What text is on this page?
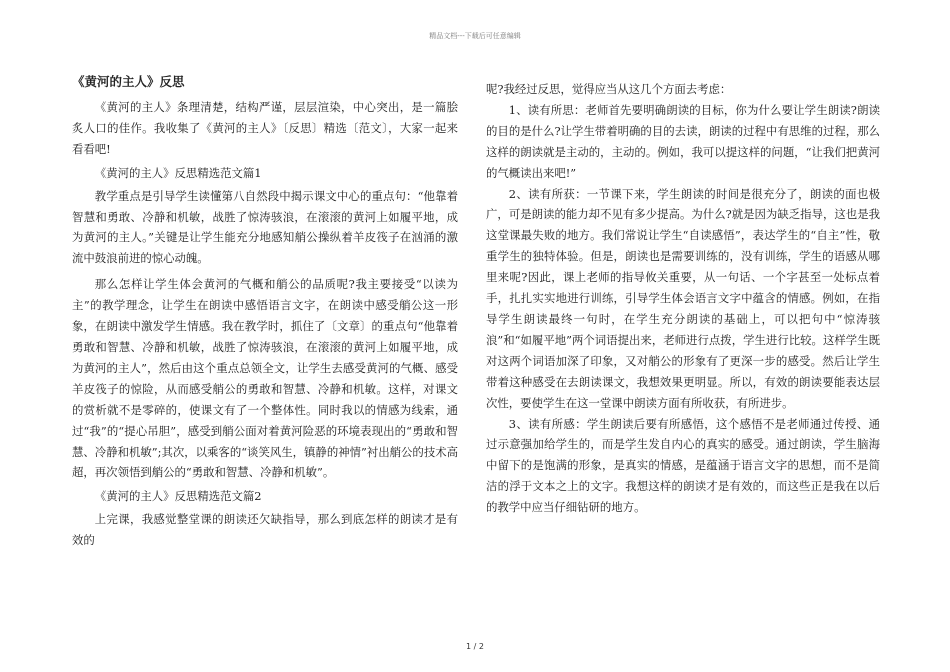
精品文档---下载后可任意编辑
《黄河的主人》反思

《黄河的主人》条理清楚，结构严谨，层层渲染，中心突出，是一篇脍炙人口的佳作。我收集了《黄河的主人》〔反思〕精选〔范文〕，大家一起来看看吧!

《黄河的主人》反思精选范文篇1

教学重点是引导学生读懂第八自然段中揭示课文中心的重点句：“他靠着智慧和勇敢、冷静和机敏，战胜了惊涛骇浪，在滚滚的黄河上如履平地，成为黄河的主人。”关键是让学生能充分地感知艄公操纵着羊皮筏子在汹涌的激流中鼓浪前进的惊心动魄。

那么怎样让学生体会黄河的气概和艄公的品质呢?我主要接受“以读为主”的教学理念，让学生在朗读中感悟语言文字，在朗读中感受艄公这一形象，在朗读中激发学生情感。我在教学时，抓住了〔文章〕的重点句“他靠着勇敢和智慧、冷静和机敏，战胜了惊涛骇浪，在滚滚的黄河上如履平地，成为黄河的主人”，然后由这个重点总领全文，让学生去感受黄河的气概、感受羊皮筏子的惊险，从而感受艄公的勇敢和智慧、冷静和机敏。这样，对课文的赏析就不是零碎的，使课文有了一个整体性。同时我以的情感为线索，通过“我”的“提心吊胆”，感受到艄公面对着黄河险恶的环境表现出的“勇敢和智慧、冷静和机敏”;其次，以乘客的“谈笑风生，镇静的神情”衬出艄公的技术高超，再次领悟到艄公的“勇敢和智慧、冷静和机敏”。

《黄河的主人》反思精选范文篇2

上完课，我感觉整堂课的朗读还欠缺指导，那么到底怎样的朗读才是有效的

呢?我经过反思，觉得应当从这几个方面去考虑：

1、读有所思：老师首先要明确朗读的目标，你为什么要让学生朗读?朗读的目的是什么?让学生带着明确的目的去读，朗读的过程中有思维的过程，那么这样的朗读就是主动的，主动的。例如，我可以提这样的问题，“让我们把黄河的气概读出来吧!”

2、读有所获：一节课下来，学生朗读的时间是很充分了，朗读的面也极广，可是朗读的能力却不见有多少提高。为什么?就是因为缺乏指导，这也是我这堂课最失败的地方。我们常说让学生“自读感悟”，表达学生的“自主”性，敬重学生的独特体验。但是，朗读也是需要训练的，没有训练，学生的语感从哪里来呢?因此，课上老师的指导攸关重要，从一句话、一个字甚至一处标点着手，扎扎实实地进行训练，引导学生体会语言文字中蕴含的情感。例如，在指导学生朗读最终一句时，在学生充分朗读的基础上，可以把句中“惊涛骇浪”和“如履平地”两个词语提出来，老师进行点拨，学生进行比较。这样学生既对这两个词语加深了印象，又对艄公的形象有了更深一步的感受。然后让学生带着这种感受在去朗读课文，我想效果更明显。所以，有效的朗读要能表达层次性，要使学生在这一堂课中朗读方面有所收获，有所进步。

3、读有所感：学生朗读后要有所感悟，这个感悟不是老师通过传授、通过示意强加给学生的，而是学生发自内心的真实的感受。通过朗读，学生脑海中留下的是饱满的形象，是真实的情感，是蕴涵于语言文字的思想，而不是简洁的浮于文本之上的文字。我想这样的朗读才是有效的，而这些正是我在以后的教学中应当仔细钻研的地方。

1 / 2
